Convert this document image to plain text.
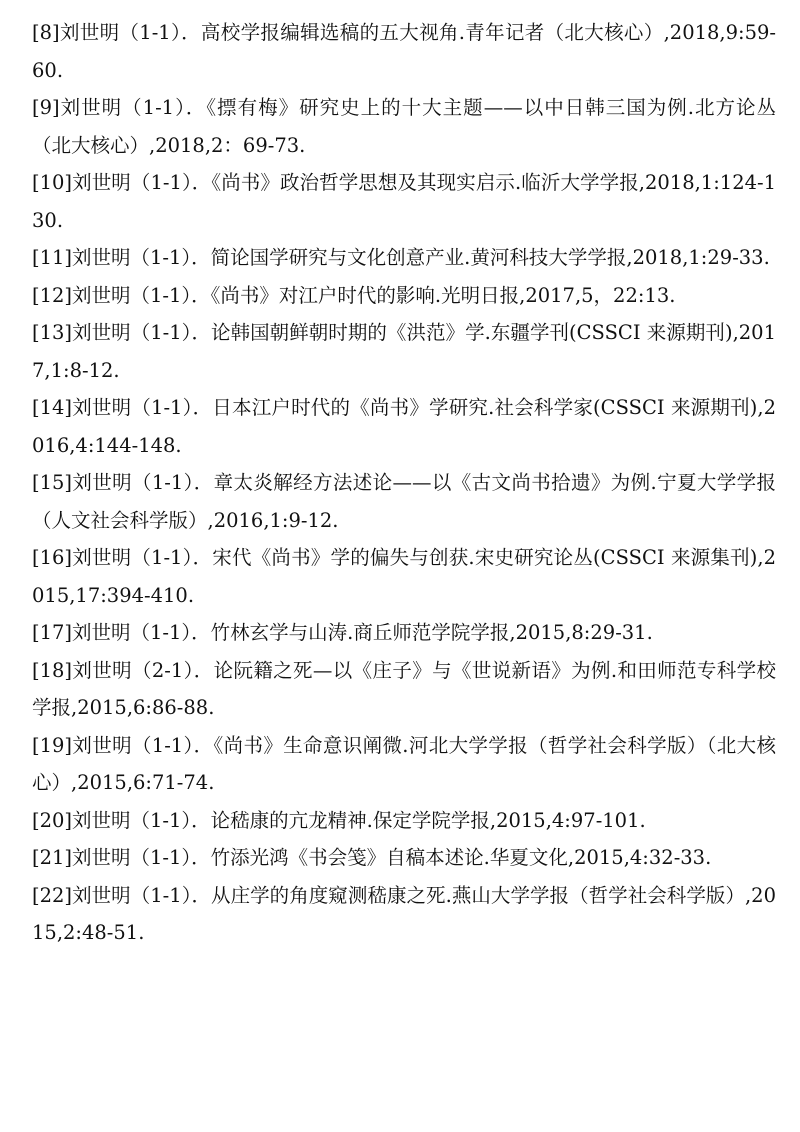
[8]刘世明（1-1）．高校学报编辑选稿的五大视角.青年记者（北大核心）,2018,9:59-60.
[9]刘世明（1-1）．《摽有梅》研究史上的十大主题——以中日韩三国为例.北方论丛（北大核心）,2018,2：69-73.
[10]刘世明（1-1）．《尚书》政治哲学思想及其现实启示.临沂大学学报,2018,1:124-130.
[11]刘世明（1-1）．简论国学研究与文化创意产业.黄河科技大学学报,2018,1:29-33.
[12]刘世明（1-1）．《尚书》对江户时代的影响.光明日报,2017,5，22:13.
[13]刘世明（1-1）．论韩国朝鲜朝时期的《洪范》学.东疆学刊(CSSCI 来源期刊),2017,1:8-12.
[14]刘世明（1-1）．日本江户时代的《尚书》学研究.社会科学家(CSSCI 来源期刊),2016,4:144-148.
[15]刘世明（1-1）．章太炎解经方法述论——以《古文尚书拾遗》为例.宁夏大学学报（人文社会科学版）,2016,1:9-12.
[16]刘世明（1-1）．宋代《尚书》学的偏失与创获.宋史研究论丛(CSSCI 来源集刊),2015,17:394-410.
[17]刘世明（1-1）．竹林玄学与山涛.商丘师范学院学报,2015,8:29-31.
[18]刘世明（2-1）．论阮籍之死—以《庄子》与《世说新语》为例.和田师范专科学校学报,2015,6:86-88.
[19]刘世明（1-1）．《尚书》生命意识阐微.河北大学学报（哲学社会科学版）（北大核心）,2015,6:71-74.
[20]刘世明（1-1）．论嵇康的亢龙精神.保定学院学报,2015,4:97-101.
[21]刘世明（1-1）．竹添光鸿《书会笺》自稿本述论.华夏文化,2015,4:32-33.
[22]刘世明（1-1）．从庄学的角度窥测嵇康之死.燕山大学学报（哲学社会科学版）,2015,2:48-51.
